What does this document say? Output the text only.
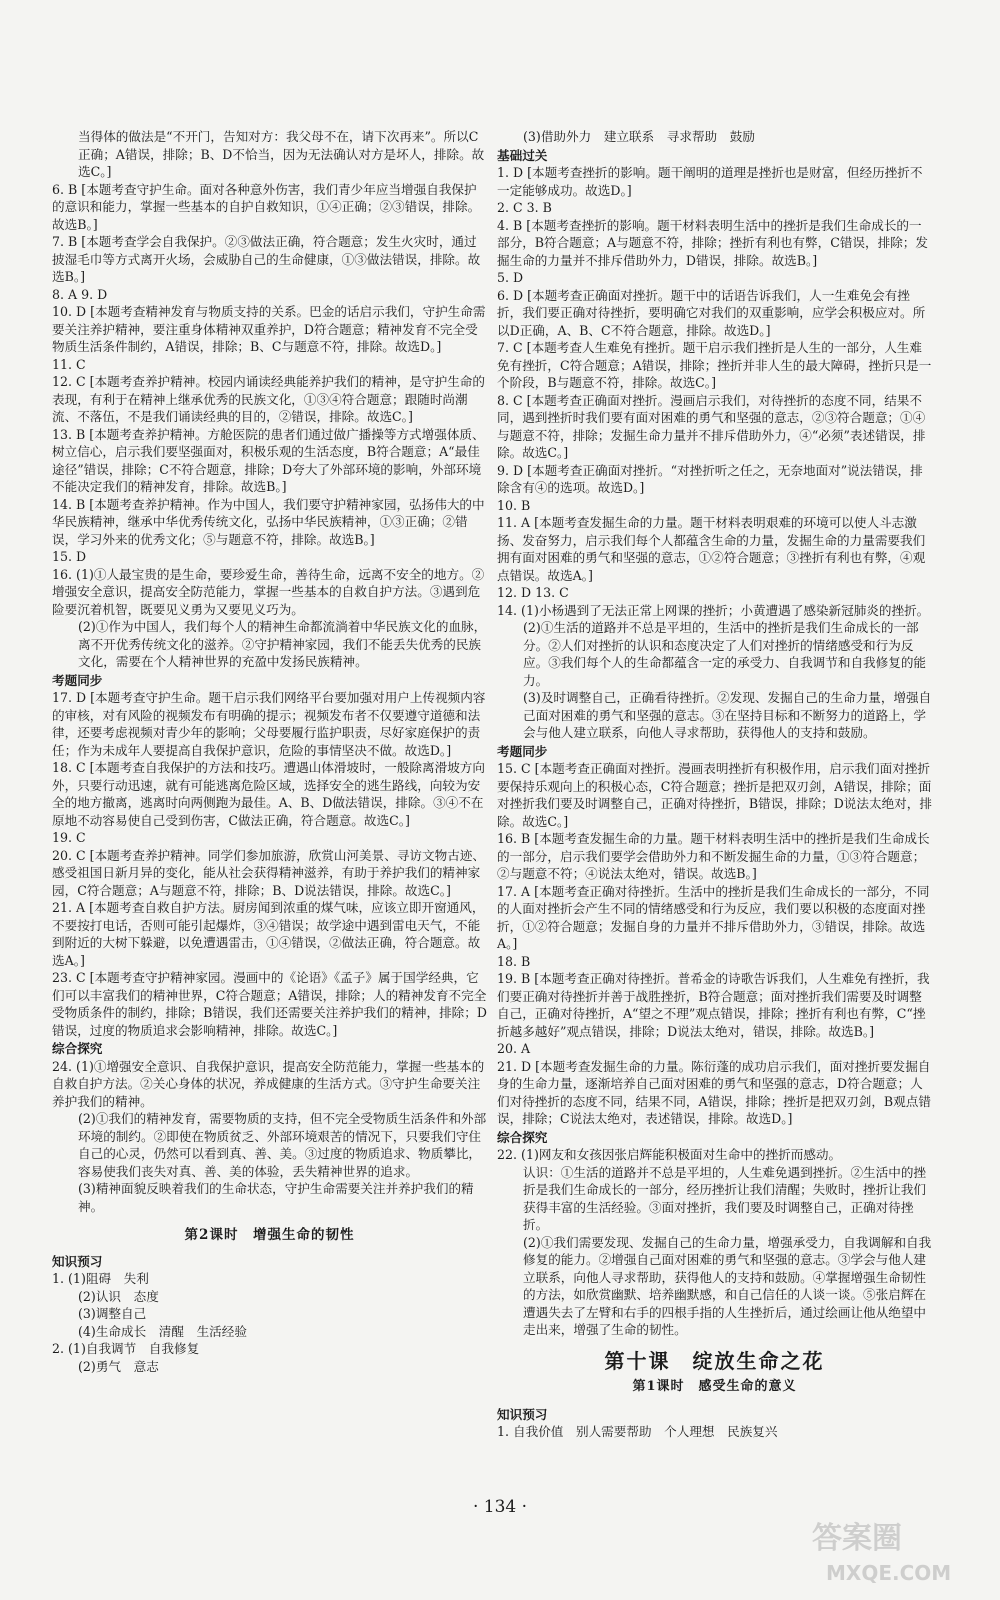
当得体的做法是“不开门，告知对方：我父母不在，请下次再来”。所以C正确；A错误，排除；B、D不恰当，因为无法确认对方是坏人，排除。故选C。]
6. B [本题考查守护生命。面对各种意外伤害，我们青少年应当增强自我保护的意识和能力，掌握一些基本的自护自救知识，①④正确；②③错误，排除。故选B。]
7. B [本题考查学会自我保护。②③做法正确，符合题意；发生火灾时，通过披湿毛巾等方式离开火场，会威胁自己的生命健康，①③做法错误，排除。故选B。]
8. A 9. D
10. D [本题考查精神发育与物质支持的关系。巴金的话启示我们，守护生命需要关注养护精神，要注重身体精神双重养护，D符合题意；精神发育不完全受物质生活条件制约，A错误，排除；B、C与题意不符，排除。故选D。]
11. C
12. C [本题考查养护精神。校园内诵读经典能养护我们的精神，是守护生命的表现，有利于在精神上继承优秀的民族文化，①③④符合题意；跟随时尚潮流、不落伍，不是我们诵读经典的目的，②错误，排除。故选C。]
13. B [本题考查养护精神。方舱医院的患者们通过做广播操等方式增强体质、树立信心，启示我们要坚强面对，积极乐观的生活态度，B符合题意；A“最佳途径”错误，排除；C不符合题意，排除；D夸大了外部环境的影响，外部环境不能决定我们的精神发育，排除。故选B。]
14. B [本题考查养护精神。作为中国人，我们要守护精神家园，弘扬伟大的中华民族精神，继承中华优秀传统文化，弘扬中华民族精神，①③正确；②错误，学习外来的优秀文化；⑤与题意不符，排除。故选B。]
15. D
16. (1)①人最宝贵的是生命，要珍爱生命，善待生命，远离不安全的地方。②增强安全意识，提高安全防范能力，掌握一些基本的自救自护方法。③遇到危险要沉着机智，既要见义勇为又要见义巧为。
(2)①作为中国人，我们每个人的精神生命都流淌着中华民族文化的血脉，离不开优秀传统文化的滋养。②守护精神家园，我们不能丢失优秀的民族文化，需要在个人精神世界的充盈中发扬民族精神。
考题同步
17. D [本题考查守护生命。题干启示我们网络平台要加强对用户上传视频内容的审核，对有风险的视频发布有明确的提示；视频发布者不仅要遵守道德和法律，还要考虑视频对青少年的影响；父母要履行监护职责，尽好家庭保护的责任；作为未成年人要提高自我保护意识，危险的事情坚决不做。故选D。]
18. C [本题考查自我保护的方法和技巧。遭遇山体滑坡时，一般除离滑坡方向外，只要行动迅速，就有可能逃离危险区域，选择安全的逃生路线，向较为安全的地方撤离，逃离时向两侧跑为最佳。A、B、D做法错误，排除。③④不在原地不动容易使自己受到伤害，C做法正确，符合题意。故选C。]
19. C
20. C [本题考查养护精神。同学们参加旅游，欣赏山河美景、寻访文物古迹、感受祖国日新月异的变化，能从社会获得精神滋养，有助于养护我们的精神家园，C符合题意；A与题意不符，排除；B、D说法错误，排除。故选C。]
21. A [本题考查自救自护方法。厨房闻到浓重的煤气味，应该立即开窗通风，不要按打电话，否则可能引起爆炸，③④错误；故学途中遇到雷电天气，不能到附近的大树下躲避，以免遭遇雷击，①④错误，②做法正确，符合题意。故选A。]
23. C [本题考查守护精神家园。漫画中的《论语》《孟子》属于国学经典，它们可以丰富我们的精神世界，C符合题意；A错误，排除；人的精神发育不完全受物质条件的制约，排除；B错误，我们还需要关注养护我们的精神，排除；D错误，过度的物质追求会影响精神，排除。故选C。]
综合探究
24. (1)①增强安全意识、自我保护意识，提高安全防范能力，掌握一些基本的自救自护方法。②关心身体的状况，养成健康的生活方式。③守护生命要关注养护我们的精神。
(2)①我们的精神发育，需要物质的支持，但不完全受物质生活条件和外部环境的制约。②即使在物质贫乏、外部环境艰苦的情况下，只要我们守住自己的心灵，仍然可以看到真、善、美。③过度的物质追求、物质攀比，容易使我们丧失对真、善、美的体验，丢失精神世界的追求。
(3)精神面貌反映着我们的生命状态，守护生命需要关注并养护我们的精神。
第2课时　增强生命的韧性
知识预习
1. (1)阻碍　失利
(2)认识　态度
(3)调整自己
(4)生命成长　清醒　生活经验
2. (1)自我调节　自我修复
(2)勇气　意志
(3)借助外力　建立联系　寻求帮助　鼓励
基础过关
1. D [本题考查挫折的影响。题干阐明的道理是挫折也是财富，但经历挫折不一定能够成功。故选D。]
2. C 3. B
4. B [本题考查挫折的影响。题干材料表明生活中的挫折是我们生命成长的一部分，B符合题意；A与题意不符，排除；挫折有利也有弊，C错误，排除；发掘生命的力量并不排斥借助外力，D错误，排除。故选B。]
5. D
6. D [本题考查正确面对挫折。题干中的话语告诉我们，人一生难免会有挫折，我们要正确对待挫折，要明确它对我们的双重影响，应学会积极应对。所以D正确，A、B、C不符合题意，排除。故选D。]
7. C [本题考查人生难免有挫折。题干启示我们挫折是人生的一部分，人生难免有挫折，C符合题意；A错误，排除；挫折并非人生的最大障碍，挫折只是一个阶段，B与题意不符，排除。故选C。]
8. C [本题考查正确面对挫折。漫画启示我们，对待挫折的态度不同，结果不同，遇到挫折时我们要有面对困难的勇气和坚强的意志，②③符合题意；①④与题意不符，排除；发掘生命力量并不排斥借助外力，④“必须”表述错误，排除。故选C。]
9. D [本题考查正确面对挫折。“对挫折听之任之，无奈地面对”说法错误，排除含有④的选项。故选D。]
10. B
11. A [本题考查发掘生命的力量。题干材料表明艰难的环境可以使人斗志激扬、发奋努力，启示我们每个人都蕴含生命的力量，发掘生命的力量需要我们拥有面对困难的勇气和坚强的意志，①②符合题意；③挫折有利也有弊，④观点错误。故选A。]
12. D 13. C
14. (1)小杨遇到了无法正常上网课的挫折；小黄遭遇了感染新冠肺炎的挫折。
(2)①生活的道路并不总是平坦的，生活中的挫折是我们生命成长的一部分。②人们对挫折的认识和态度决定了人们对挫折的情绪感受和行为反应。③我们每个人的生命都蕴含一定的承受力、自我调节和自我修复的能力。
(3)及时调整自己，正确看待挫折。②发现、发掘自己的生命力量，增强自己面对困难的勇气和坚强的意志。③在坚持目标和不断努力的道路上，学会与他人建立联系，向他人寻求帮助，获得他人的支持和鼓励。
考题同步
15. C [本题考查正确面对挫折。漫画表明挫折有积极作用，启示我们面对挫折要保持乐观向上的积极心态，C符合题意；挫折是把双刃剑，A错误，排除；面对挫折我们要及时调整自己，正确对待挫折，B错误，排除；D说法太绝对，排除。故选C。]
16. B [本题考查发掘生命的力量。题干材料表明生活中的挫折是我们生命成长的一部分，启示我们要学会借助外力和不断发掘生命的力量，①③符合题意；②与题意不符；④说法太绝对，错误。故选B。]
17. A [本题考查正确对待挫折。生活中的挫折是我们生命成长的一部分，不同的人面对挫折会产生不同的情绪感受和行为反应，我们要以积极的态度面对挫折，①②符合题意；发掘自身的力量并不排斥借助外力，③错误，排除。故选A。]
18. B
19. B [本题考查正确对待挫折。普希金的诗歌告诉我们，人生难免有挫折，我们要正确对待挫折并善于战胜挫折，B符合题意；面对挫折我们需要及时调整自己，正确对待挫折，A“望之不理”观点错误，排除；挫折有利也有弊，C“挫折越多越好”观点错误，排除；D说法太绝对，错误，排除。故选B。]
20. A
21. D [本题考查发掘生命的力量。陈衍蓬的成功启示我们，面对挫折要发掘自身的生命力量，逐渐培养自己面对困难的勇气和坚强的意志，D符合题意；人们对待挫折的态度不同，结果不同，A错误，排除；挫折是把双刃剑，B观点错误，排除；C说法太绝对，表述错误，排除。故选D。]
综合探究
22. (1)网友和女孩因张启辉能积极面对生命中的挫折而感动。
认识：①生活的道路并不总是平坦的，人生难免遇到挫折。②生活中的挫折是我们生命成长的一部分，经历挫折让我们清醒；失败时，挫折让我们获得丰富的生活经验。③面对挫折，我们要及时调整自己，正确对待挫折。
(2)①我们需要发现、发掘自己的生命力量，增强承受力，自我调解和自我修复的能力。②增强自己面对困难的勇气和坚强的意志。③学会与他人建立联系，向他人寻求帮助，获得他人的支持和鼓励。④掌握增强生命韧性的方法，如欣赏幽默、培养幽默感，和自己信任的人谈一谈。⑤张启辉在遭遇失去了左臂和右手的四根手指的人生挫折后，通过绘画让他从绝望中走出来，增强了生命的韧性。
第十课　绽放生命之花
第1课时　感受生命的意义
知识预习
1. 自我价值　别人需要帮助　个人理想　民族复兴
· 134 ·
答案圈
MXQE.COM
